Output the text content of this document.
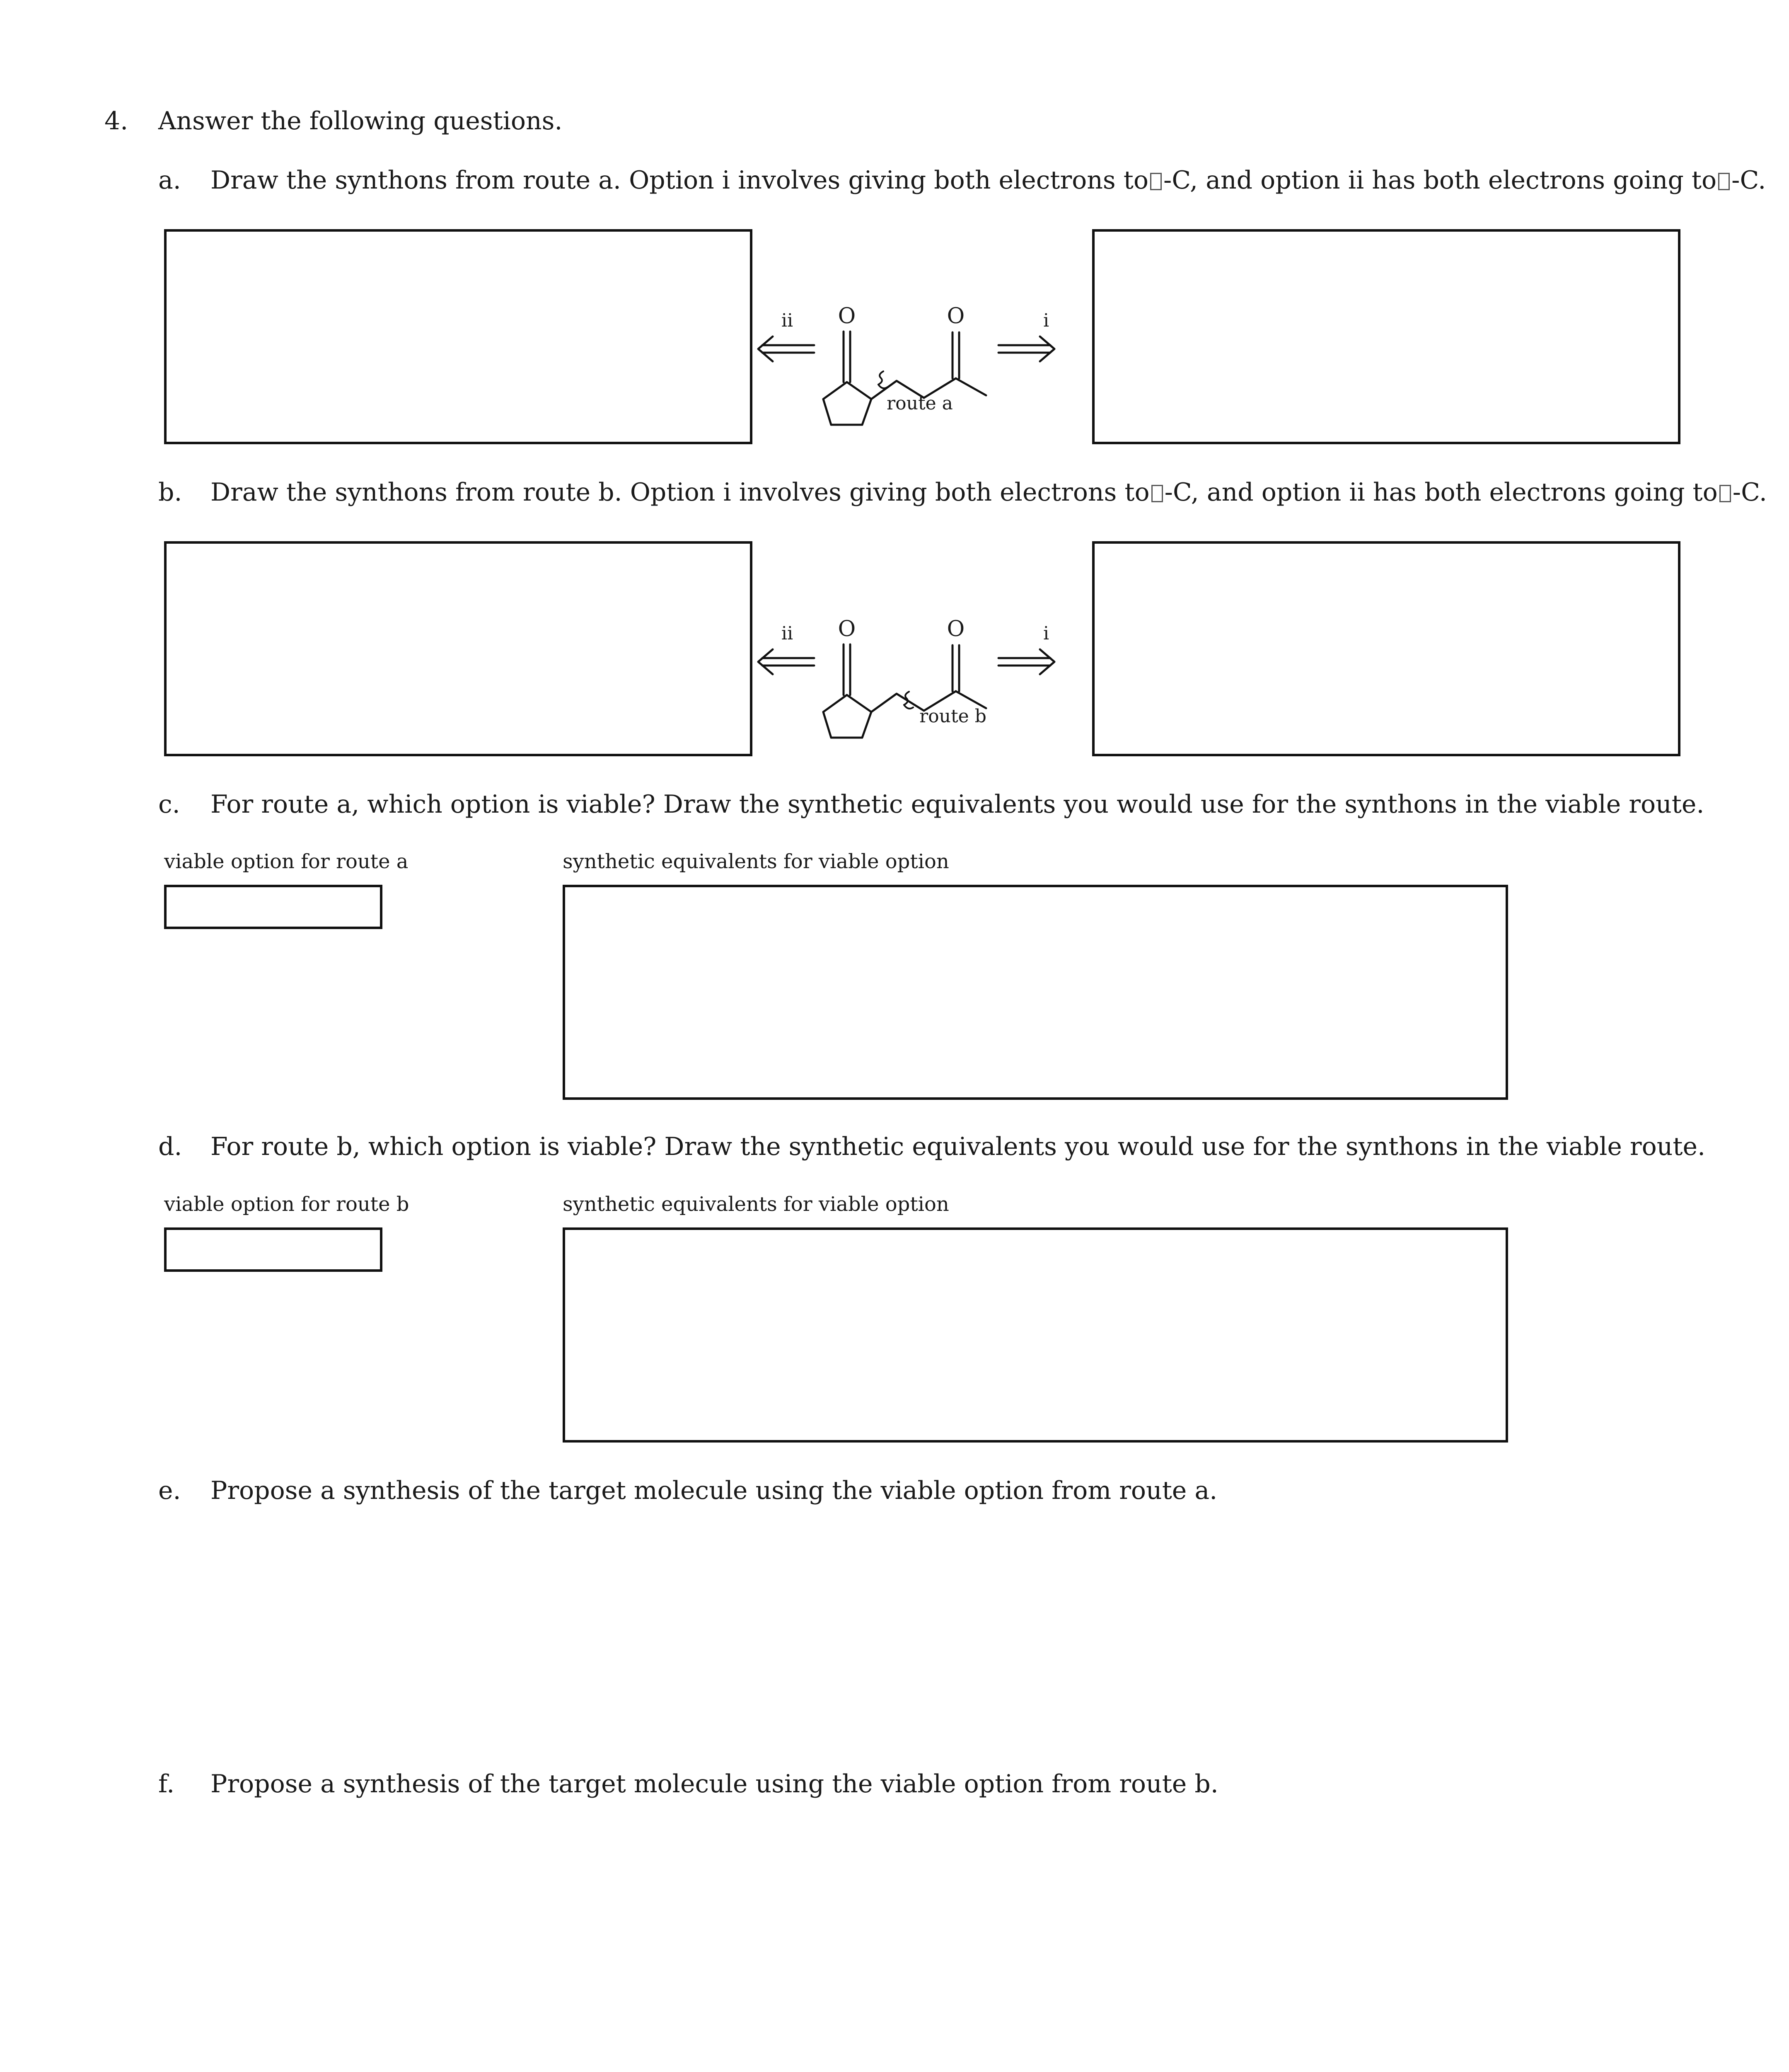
4. Answer the following questions.
a. Draw the synthons from route a. Option i involves giving both electrons to -C, and option ii has both electrons going to -C.
ii O	O	i
route a
b. Draw the synthons from route b. Option i involves giving both electrons to -C, and option ii has both electrons going to -C.
ii O	O	i
route b
c. For route a, which option is viable? Draw the synthetic equivalents you would use for the synthons in the viable route.
viable option for route a	synthetic equivalents for viable option
d. For route b, which option is viable? Draw the synthetic equivalents you would use for the synthons in the viable route.
viable option for route b	synthetic equivalents for viable option
e. Propose a synthesis of the target molecule using the viable option from route a.
f. Propose a synthesis of the target molecule using the viable option from route b.
